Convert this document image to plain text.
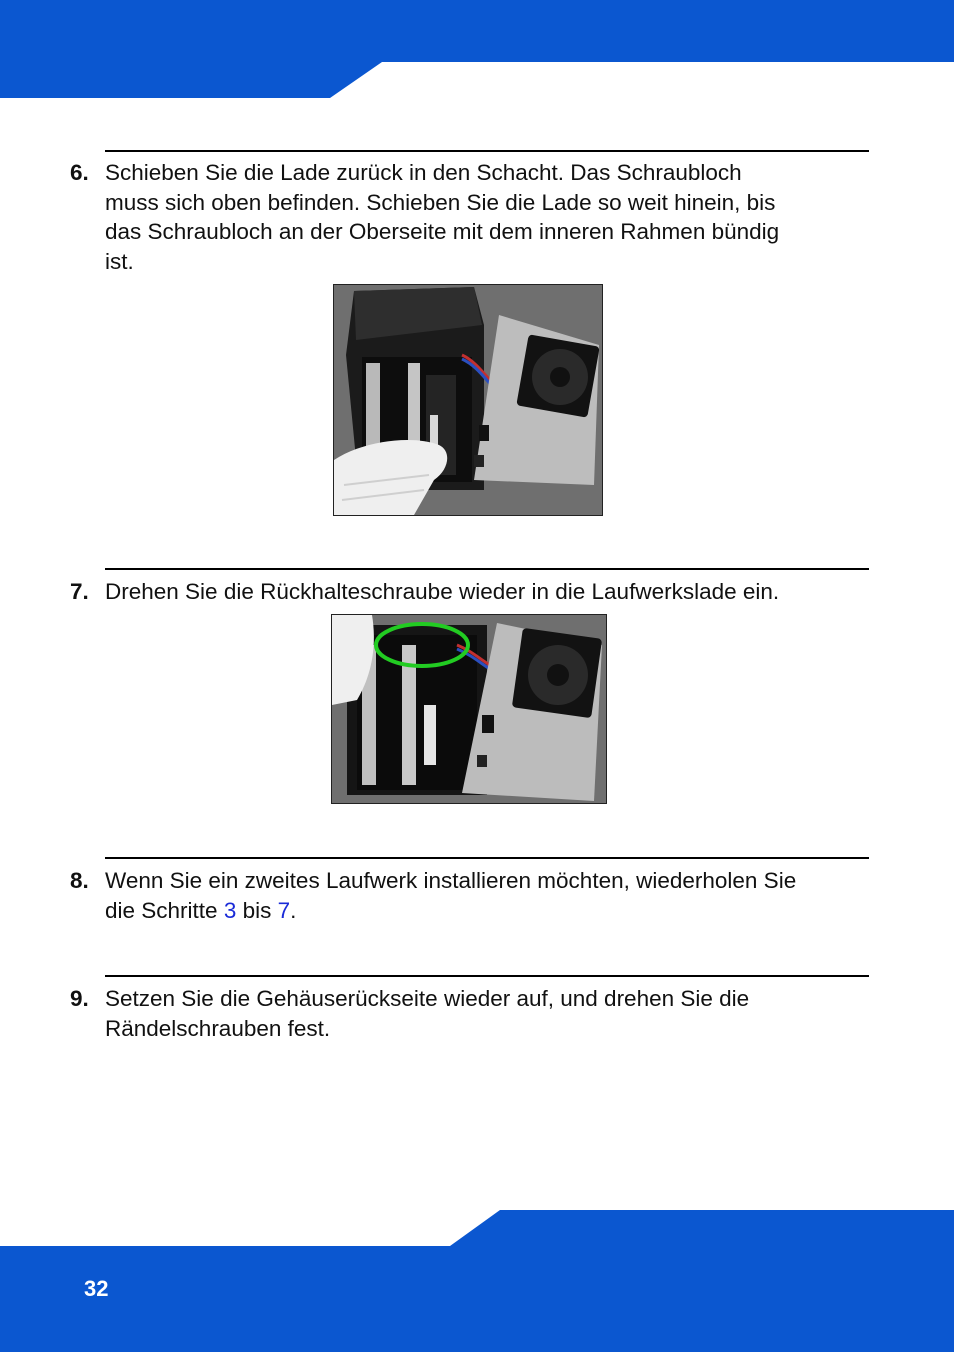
6. Schieben Sie die Lade zurück in den Schacht. Das Schraubloch
muss sich oben befinden. Schieben Sie die Lade so weit hinein, bis
das Schraubloch an der Oberseite mit dem inneren Rahmen bündig
ist.
7. Drehen Sie die Rückhalteschraube wieder in die Laufwerkslade ein.
8. Wenn Sie ein zweites Laufwerk installieren möchten, wiederholen Sie
die Schritte 3 bis 7.
9. Setzen Sie die Gehäuserückseite wieder auf, und drehen Sie die
Rändelschrauben fest.
32
